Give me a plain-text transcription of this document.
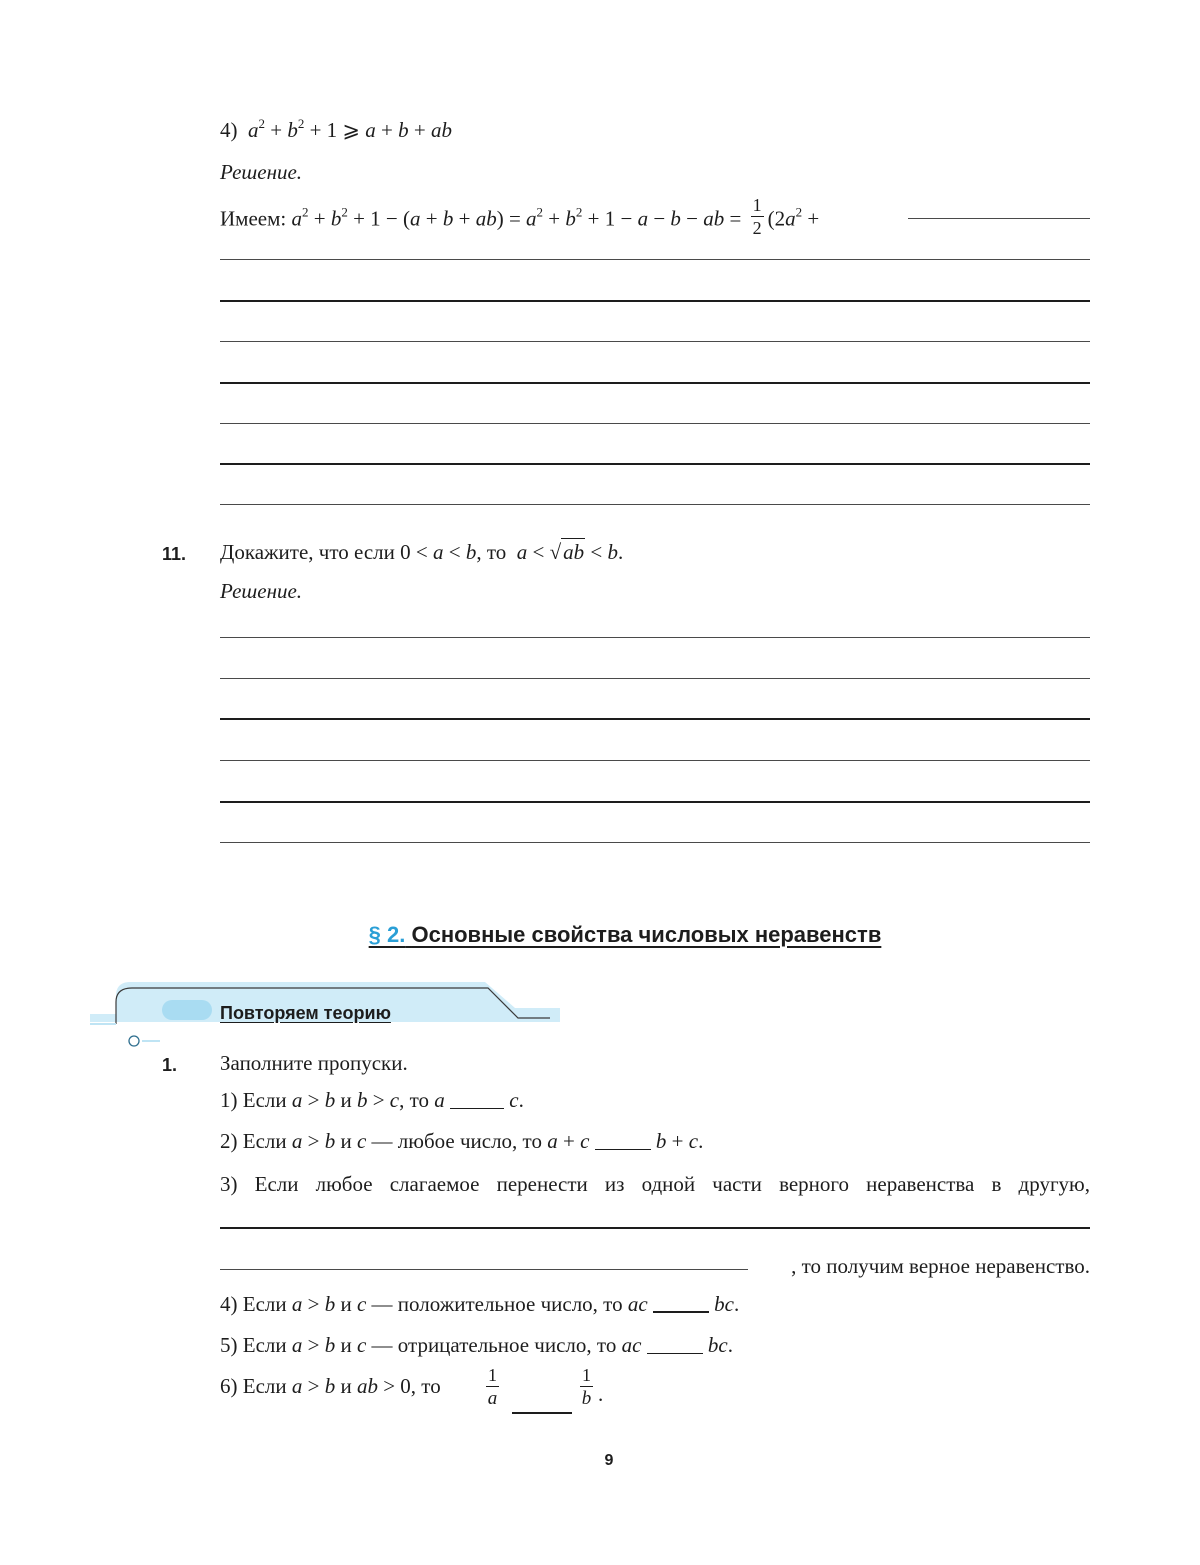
4) $a^2 + b^2 + 1$ ⩾ a + b + ab
Решение.
Имеем: $a^2 + b^2 + 1 - (a + b + ab) = a^2 + b^2 + 1 - a - b$ − ab = $\frac{1}{2} (2a^2$ +
11. Докажите, что если 0 < a < b, то a < √ab < b.
Решение.
§ 2. Основные свойства числовых неравенств
Повторяем теорию
1. Заполните пропуски.
1) Если a > b и b > c, то a	c.
2) Если a > b и c — любое число, то a + c	b + c.
3) Если любое слагаемое перенести из одной части верного неравенства в другую,
, то получим верное неравенство.
4) Если a > b и c — положительное число, то ac	bc.
5) Если a > b и c — отрицательное число, то ac	bc.
6) Если a > b и ab > 0, то	1
a
1
b .
9
